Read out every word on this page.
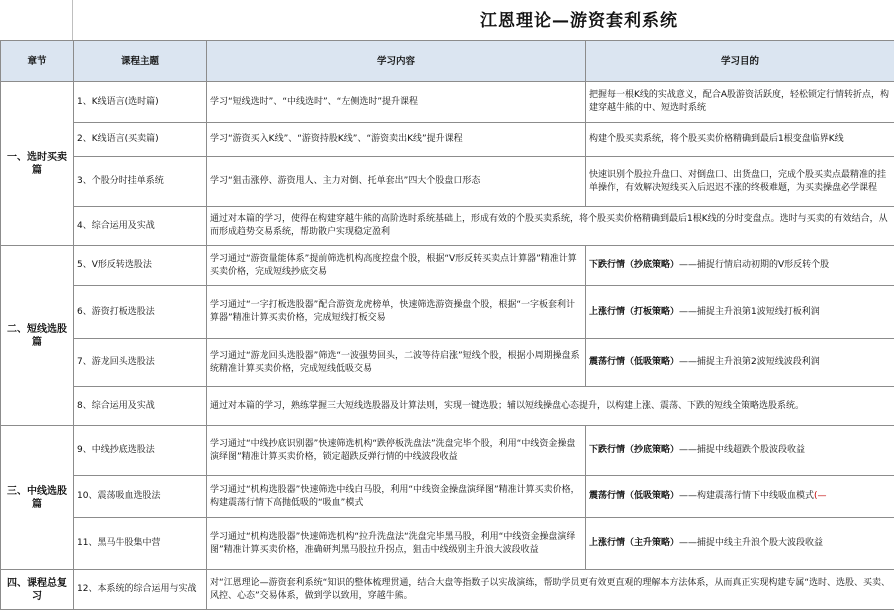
江恩理论—游资套利系统
章节	课程主题	学习内容	学习目的
一、选时买卖篇	1、K线语言(选时篇)	学习“短线选时”、“中线选时”、“左侧选时”提升课程	把握每一根K线的实战意义，配合A股游资活跃度，轻松锁定行情转折点，构建穿越牛熊的中、短选时系统
	2、K线语言(买卖篇)	学习“游资买入K线”、“游资持股K线”、“游资卖出K线”提升课程	构建个股买卖系统，将个股买卖价格精确到最后1根变盘临界K线
	3、个股分时挂单系统	学习“狙击涨停、游资甩人、主力对倒、托单套出”四大个股盘口形态	快速识别个股拉升盘口、对倒盘口、出货盘口，完成个股买卖点最精准的挂单操作，有效解决短线买入后迟迟不涨的终极难题，为买卖操盘必学课程
	4、综合运用及实战	通过对本篇的学习，使得在构建穿越牛熊的高阶选时系统基础上，形成有效的个股买卖系统，将个股买卖价格精确到最后1根K线的分时变盘点。选时与买卖的有效结合，从而形成趋势交易系统，帮助散户实现稳定盈利	
二、短线选股篇	5、V形反转选股法	学习通过“游资量能体系”提前筛选机构高度控盘个股，根据“V形反转买卖点计算器”精准计算买卖价格，完成短线抄底交易	下跌行情（抄底策略）——捕捉行情启动初期的V形反转个股
	6、游资打板选股法	学习通过“一字打板选股器”配合游资龙虎榜单，快速筛选游资操盘个股，根据“一字板套利计算器”精准计算买卖价格，完成短线打板交易	上涨行情（打板策略）——捕捉主升浪第1波短线打板利润
	7、游龙回头选股法	学习通过“游龙回头选股器”筛选“一波强势回头，二波等待启涨”短线个股，根据小周期操盘系统精准计算买卖价格，完成短线低吸交易	震荡行情（低吸策略）——捕捉主升浪第2波短线波段利润
	8、综合运用及实战	通过对本篇的学习，熟练掌握三大短线选股器及计算法则，实现一键选股；辅以短线操盘心态提升，以构建上涨、震荡、下跌的短线全策略选股系统。	
三、中线选股篇	9、中线抄底选股法	学习通过“中线抄底识别器”快速筛选机构“跌停板洗盘法”洗盘完毕个股，利用“中线资金操盘演绎图”精准计算买卖价格，锁定超跌反弹行情的中线波段收益	下跌行情（抄底策略）——捕捉中线超跌个股波段收益
	10、震荡吸血选股法	学习通过“机构选股器”快速筛选中线白马股，利用“中线资金操盘演绎图”精准计算买卖价格，构建震荡行情下高抛低吸的“吸血”模式	震荡行情（低吸策略）——构建震荡行情下中线吸血模式(—
	11、黑马牛股集中营	学习通过“机构选股器”快速筛选机构“拉升洗盘法“洗盘完毕黑马股，利用“中线资金操盘演绎图”精准计算买卖价格，准确研判黑马股拉升拐点，狙击中线级别主升浪大波段收益	上涨行情（主升策略）——捕捉中线主升浪个股大波段收益
四、课程总复习	12、本系统的综合运用与实战	对“江恩理论—游资套利系统“知识的整体梳理贯通，结合大盘等指数子以实战演练，帮助学员更有效更直观的理解本方法体系，从而真正实现构建专属“选时、选股、买卖、风控、心态”交易体系，做到学以致用，穿越牛熊。	
